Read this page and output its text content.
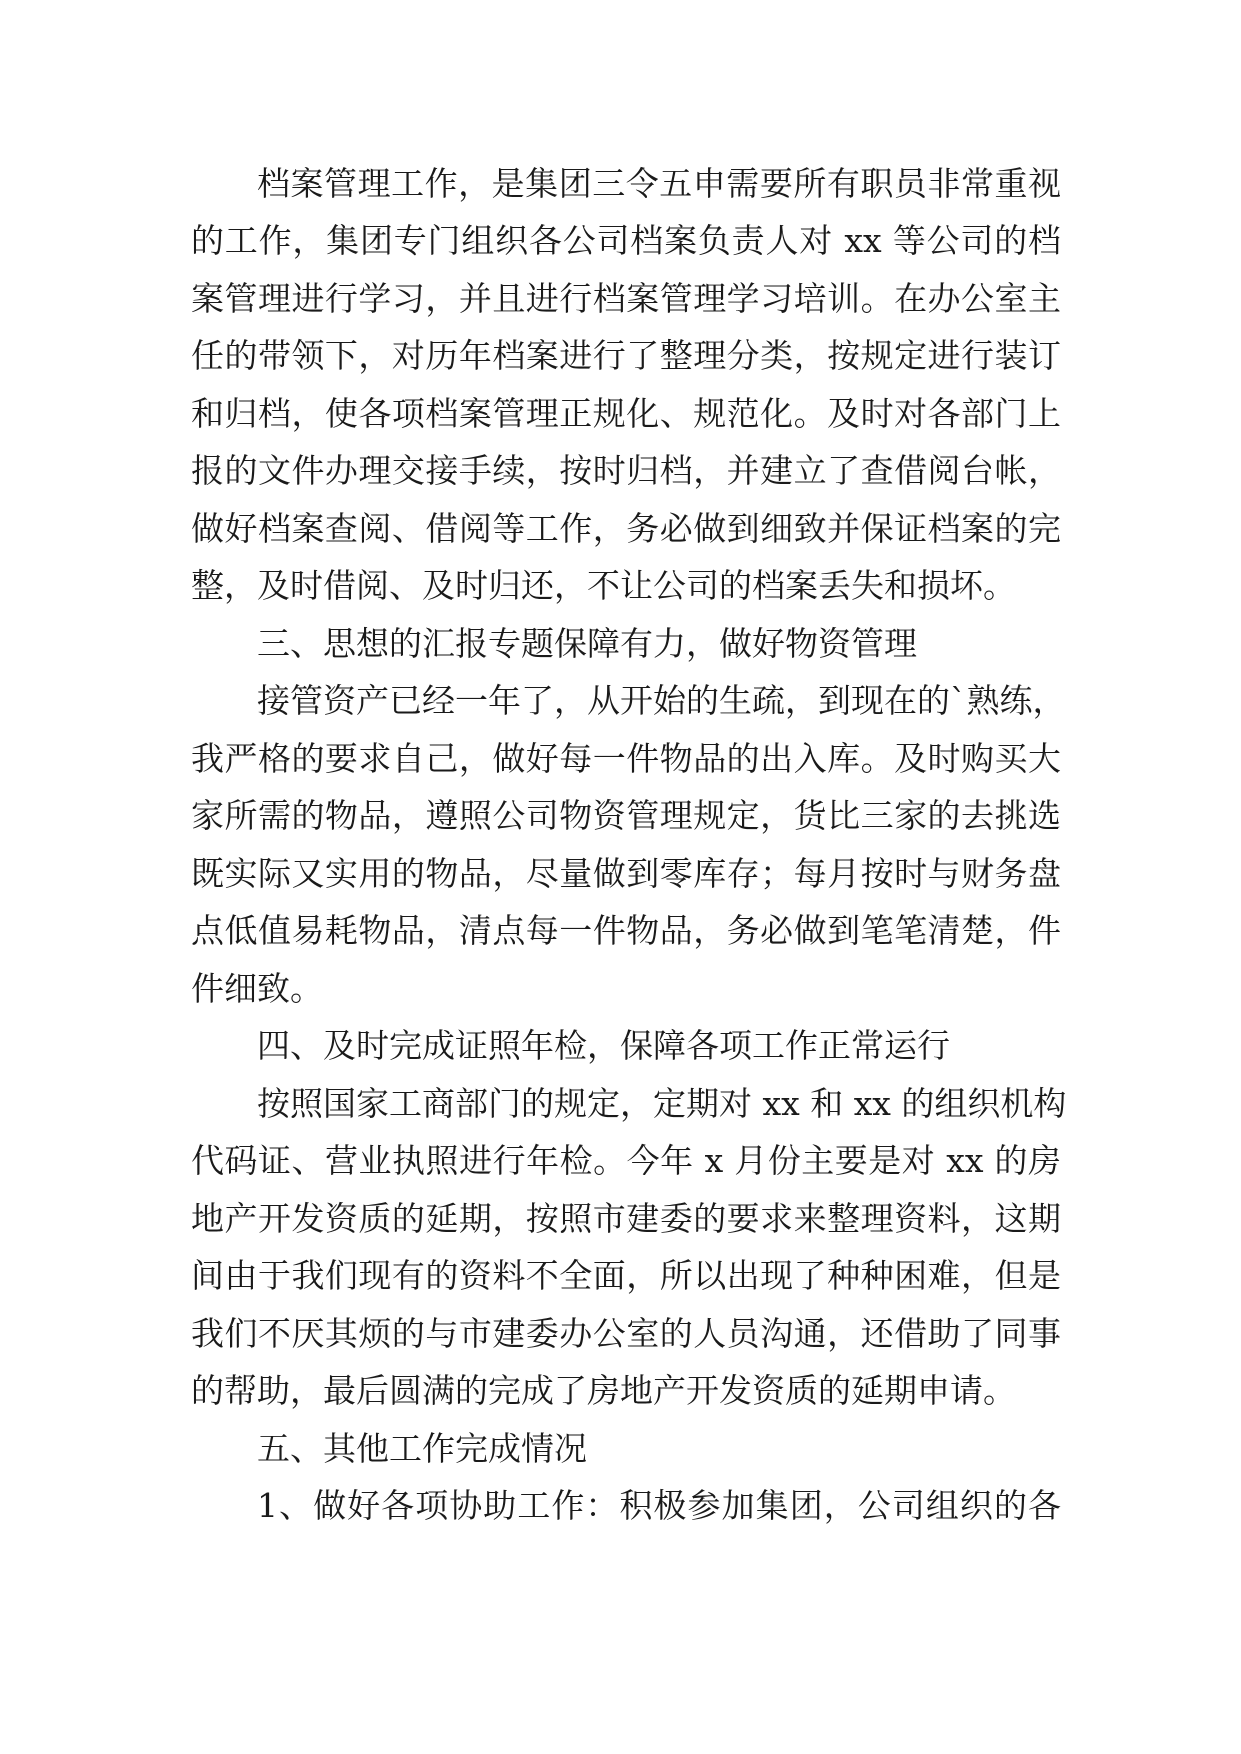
档案管理工作，是集团三令五申需要所有职员非常重视
的工作，集团专门组织各公司档案负责人对 xx 等公司的档
案管理进行学习，并且进行档案管理学习培训。在办公室主
任的带领下，对历年档案进行了整理分类，按规定进行装订
和归档，使各项档案管理正规化、规范化。及时对各部门上
报的文件办理交接手续，按时归档，并建立了查借阅台帐，
做好档案查阅、借阅等工作，务必做到细致并保证档案的完
整，及时借阅、及时归还，不让公司的档案丢失和损坏。
三、思想的汇报专题保障有力，做好物资管理
接管资产已经一年了，从开始的生疏，到现在的`熟练，
我严格的要求自己，做好每一件物品的出入库。及时购买大
家所需的物品，遵照公司物资管理规定，货比三家的去挑选
既实际又实用的物品，尽量做到零库存；每月按时与财务盘
点低值易耗物品，清点每一件物品，务必做到笔笔清楚，件
件细致。
四、及时完成证照年检，保障各项工作正常运行
按照国家工商部门的规定，定期对 xx 和 xx 的组织机构
代码证、营业执照进行年检。今年 x 月份主要是对 xx 的房
地产开发资质的延期，按照市建委的要求来整理资料，这期
间由于我们现有的资料不全面，所以出现了种种困难，但是
我们不厌其烦的与市建委办公室的人员沟通，还借助了同事
的帮助，最后圆满的完成了房地产开发资质的延期申请。
五、其他工作完成情况
1、做好各项协助工作：积极参加集团，公司组织的各
